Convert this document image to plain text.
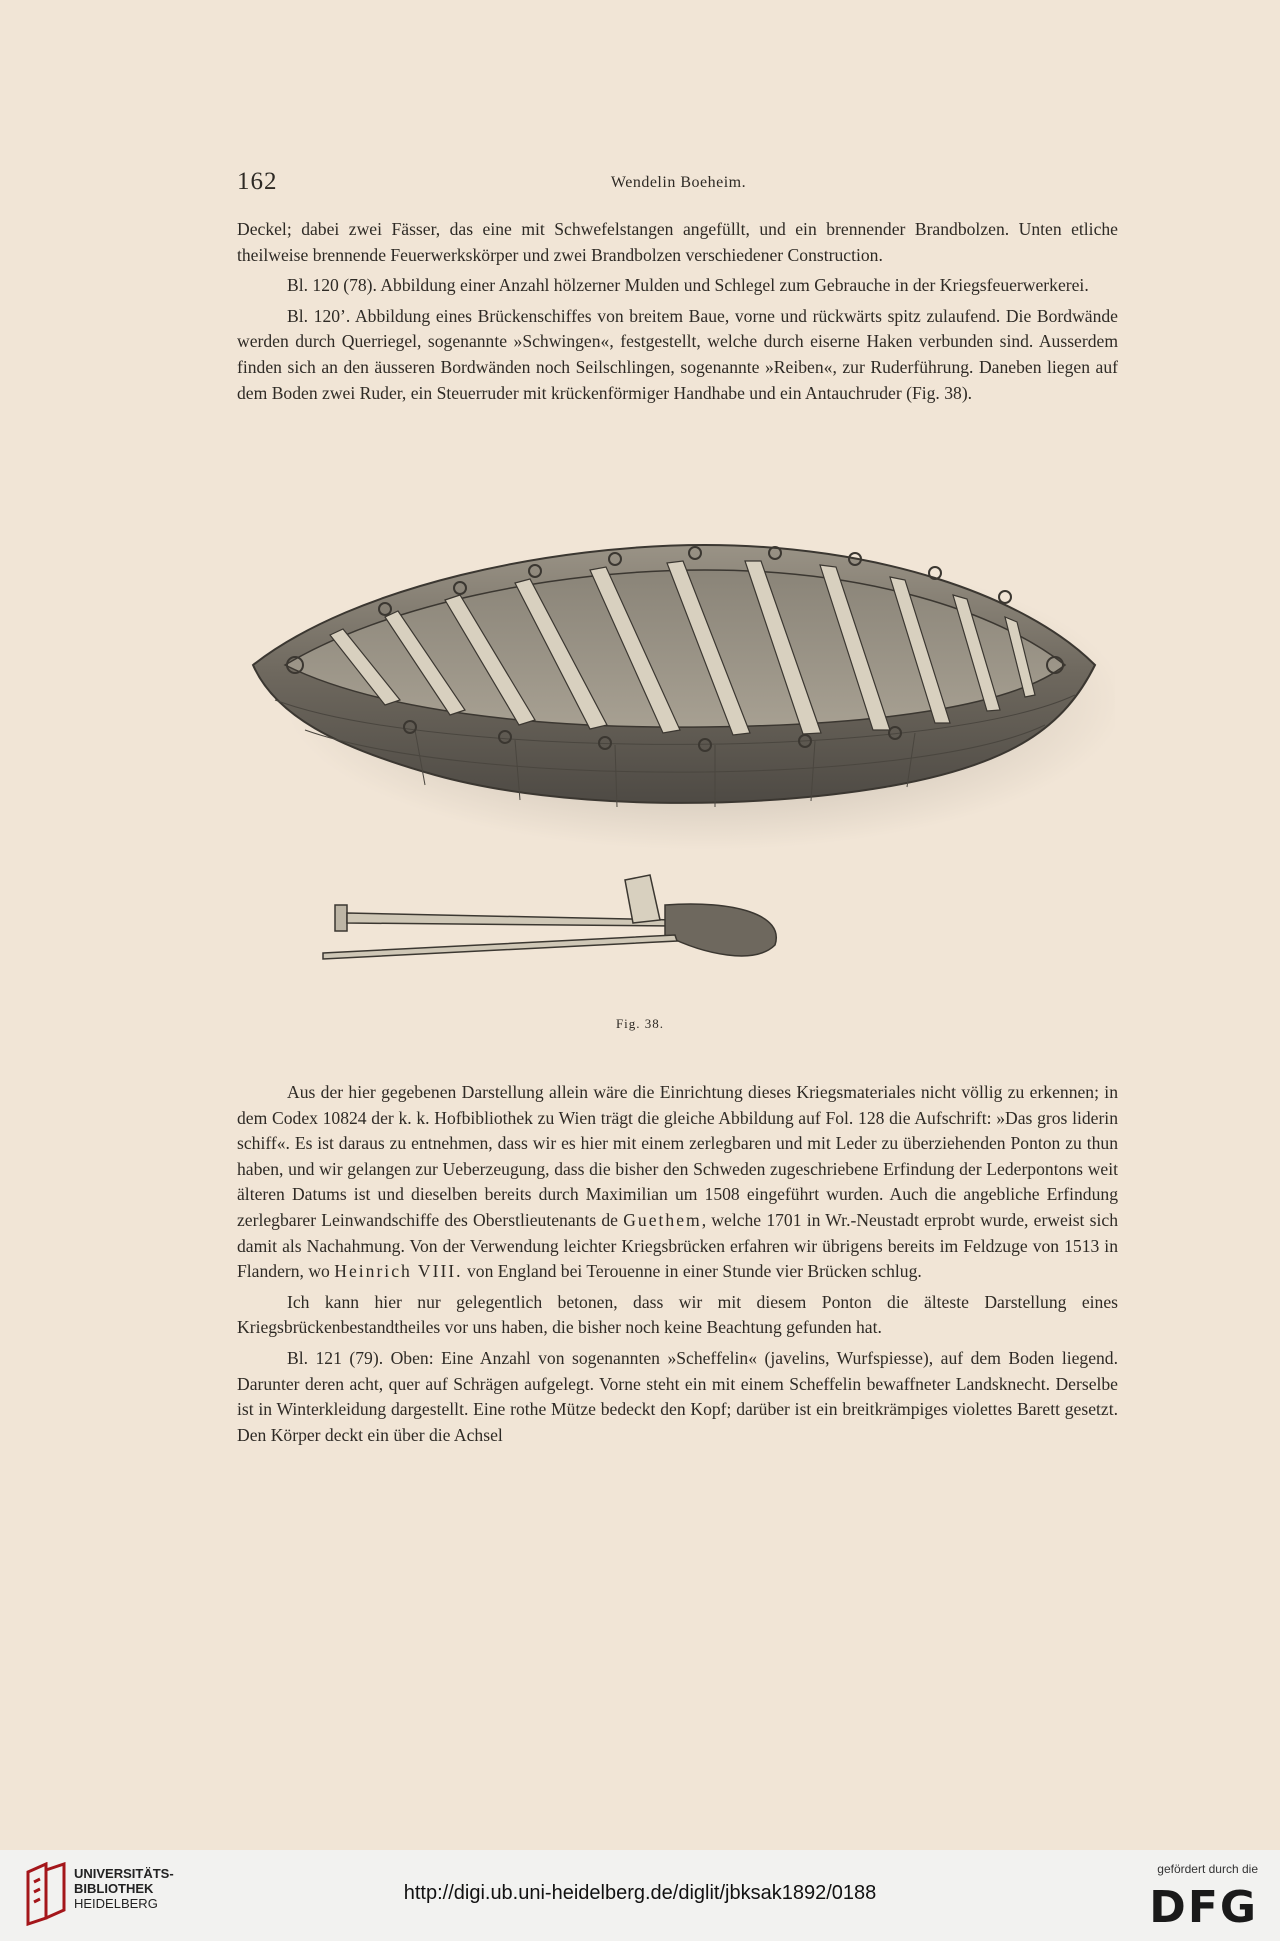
162	Wendelin Boeheim.

Deckel; dabei zwei Fässer, das eine mit Schwefelstangen angefüllt, und ein brennender Brandbolzen. Unten etliche theilweise brennende Feuerwerkskörper und zwei Brandbolzen verschiedener Construction.

Bl. 120 (78). Abbildung einer Anzahl hölzerner Mulden und Schlegel zum Gebrauche in der Kriegsfeuerwerkerei.

Bl. 120’. Abbildung eines Brückenschiffes von breitem Baue, vorne und rückwärts spitz zulaufend. Die Bordwände werden durch Querriegel, sogenannte »Schwingen«, festgestellt, welche durch eiserne Haken verbunden sind. Ausserdem finden sich an den äusseren Bordwänden noch Seilschlingen, sogenannte »Reiben«, zur Ruderführung. Daneben liegen auf dem Boden zwei Ruder, ein Steuerruder mit krückenförmiger Handhabe und ein Antauchruder (Fig. 38).

Fig. 38.

Aus der hier gegebenen Darstellung allein wäre die Einrichtung dieses Kriegsmateriales nicht völlig zu erkennen; in dem Codex 10824 der k. k. Hofbibliothek zu Wien trägt die gleiche Abbildung auf Fol. 128 die Aufschrift: »Das gros liderin schiff«. Es ist daraus zu entnehmen, dass wir es hier mit einem zerlegbaren und mit Leder zu überziehenden Ponton zu thun haben, und wir gelangen zur Ueberzeugung, dass die bisher den Schweden zugeschriebene Erfindung der Lederpontons weit älteren Datums ist und dieselben bereits durch Maximilian um 1508 eingeführt wurden. Auch die angebliche Erfindung zerlegbarer Leinwandschiffe des Oberstlieutenants de Guethem, welche 1701 in Wr.-Neustadt erprobt wurde, erweist sich damit als Nachahmung. Von der Verwendung leichter Kriegsbrücken erfahren wir übrigens bereits im Feldzuge von 1513 in Flandern, wo Heinrich VIII. von England bei Terouenne in einer Stunde vier Brücken schlug.

Ich kann hier nur gelegentlich betonen, dass wir mit diesem Ponton die älteste Darstellung eines Kriegsbrückenbestandtheiles vor uns haben, die bisher noch keine Beachtung gefunden hat.

Bl. 121 (79). Oben: Eine Anzahl von sogenannten »Scheffelin« (javelins, Wurfspiesse), auf dem Boden liegend. Darunter deren acht, quer auf Schrägen aufgelegt. Vorne steht ein mit einem Scheffelin bewaffneter Landsknecht. Derselbe ist in Winterkleidung dargestellt. Eine rothe Mütze bedeckt den Kopf; darüber ist ein breitkrämpiges violettes Barett gesetzt. Den Körper deckt ein über die Achsel

UNIVERSITÄTS-
BIBLIOTHEK
HEIDELBERG	http://digi.ub.uni-heidelberg.de/diglit/jbksak1892/0188
gefördert durch die
DFG
